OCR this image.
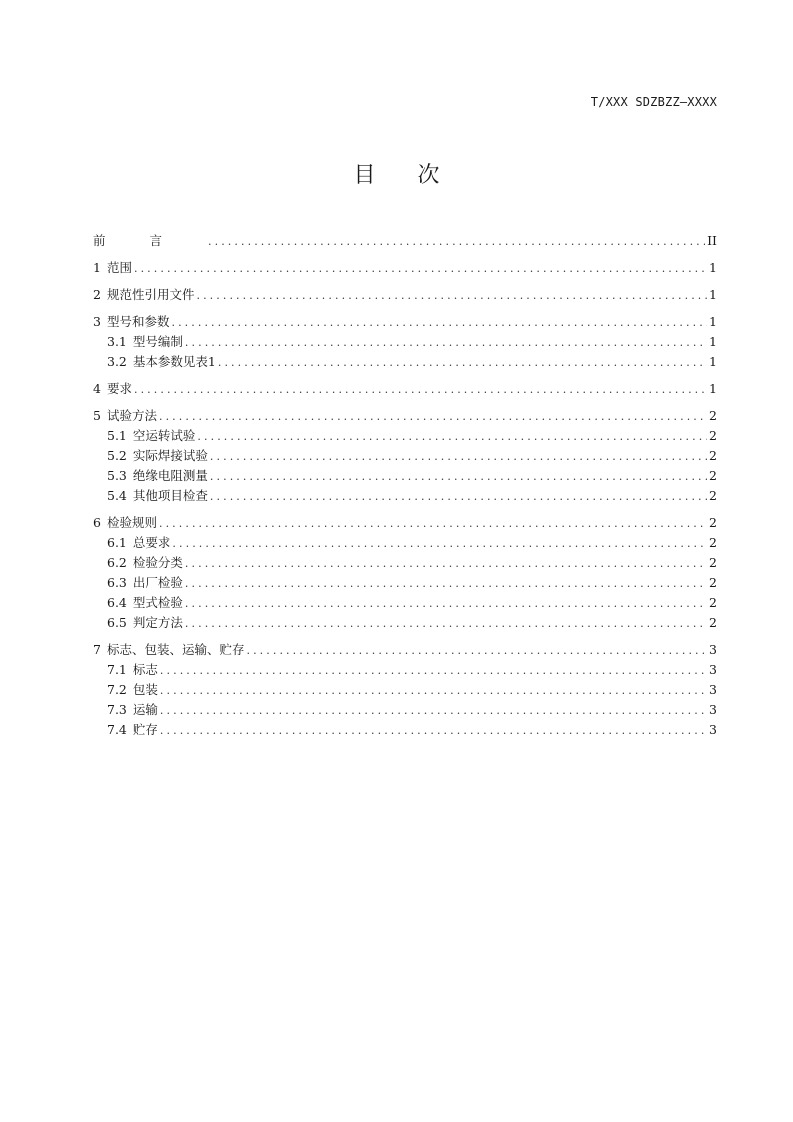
T/XXX SDZBZZ—XXXX
目次
前言 .....	II
1 范围 .....	1
2 规范性引用文件 .....	1
3 型号和参数 .....	1
3.1 型号编制 .....	1
3.2 基本参数见表1 .....	1
4 要求 .....	1
5 试验方法 .....	2
5.1 空运转试验 .....	2
5.2 实际焊接试验 .....	2
5.3 绝缘电阻测量 .....	2
5.4 其他项目检查 .....	2
6 检验规则 .....	2
6.1 总要求 .....	2
6.2 检验分类 .....	2
6.3 出厂检验 .....	2
6.4 型式检验 .....	2
6.5 判定方法 .....	2
7 标志、包装、运输、贮存 .....	3
7.1 标志 .....	3
7.2 包装 .....	3
7.3 运输 .....	3
7.4 贮存 .....	3
